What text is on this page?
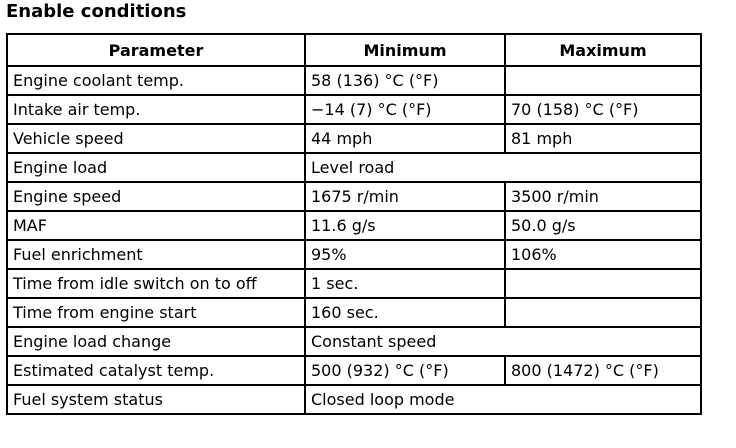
Enable conditions
Parameter	Minimum	Maximum
Engine coolant temp.	58 (136) °C (°F)	
Intake air temp.	−14 (7) °C (°F)	70 (158) °C (°F)
Vehicle speed	44 mph	81 mph
Engine load	Level road	
Engine speed	1675 r/min	3500 r/min
MAF	11.6 g/s	50.0 g/s
Fuel enrichment	95%	106%
Time from idle switch on to off	1 sec.	
Time from engine start	160 sec.	
Engine load change	Constant speed	
Estimated catalyst temp.	500 (932) °C (°F)	800 (1472) °C (°F)
Fuel system status	Closed loop mode	
